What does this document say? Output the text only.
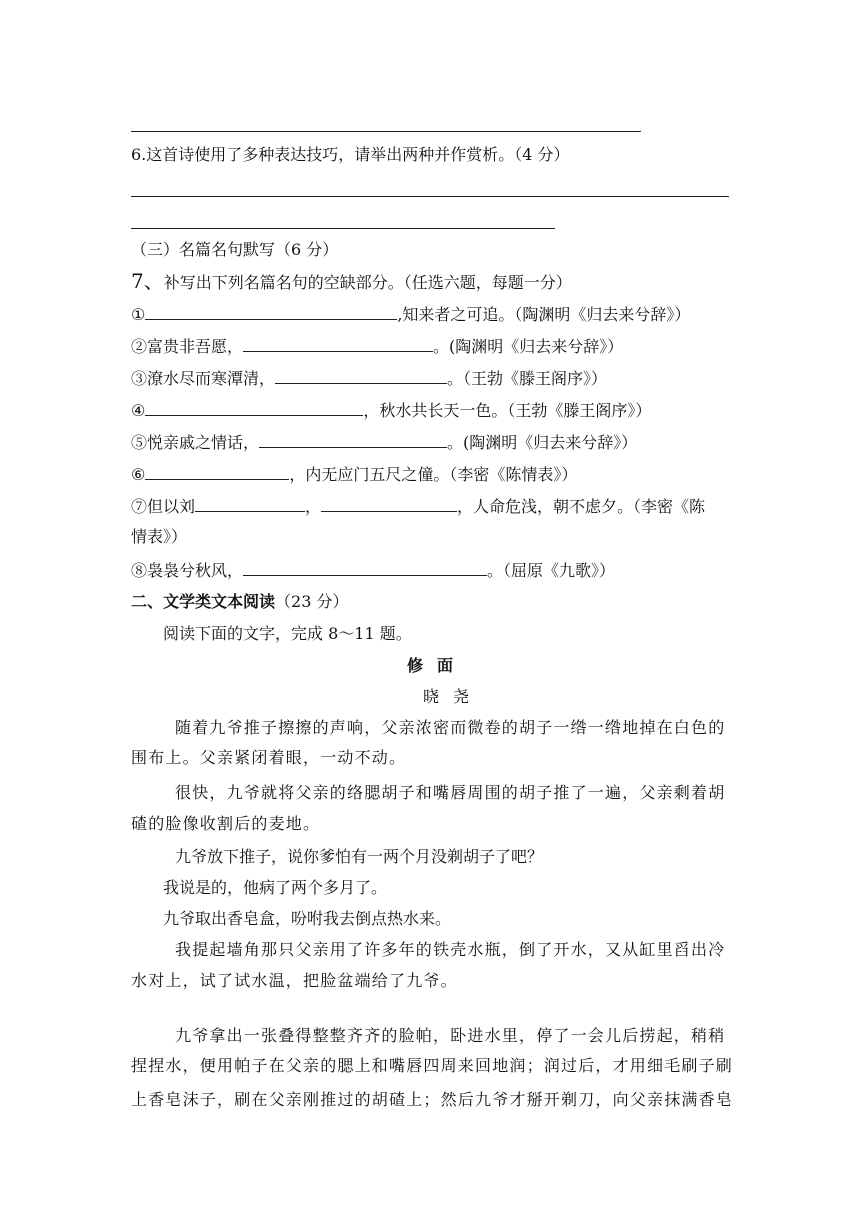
6.这首诗使用了多种表达技巧，请举出两种并作赏析。（4 分）
（三）名篇名句默写（6 分）
7、补写出下列名篇名句的空缺部分。（任选六题，每题一分）
①	,知来者之可追。（陶渊明《归去来兮辞》）
②富贵非吾愿，	。(陶渊明《归去来兮辞》）
③潦水尽而寒潭清，	。（王勃《滕王阁序》）
④	，秋水共长天一色。（王勃《滕王阁序》）
⑤悦亲戚之情话，	。(陶渊明《归去来兮辞》）
⑥	，内无应门五尺之僮。（李密《陈情表》）
⑦但以刘	，	，人命危浅，朝不虑夕。（李密《陈
情表》）
⑧袅袅兮秋风，	。（屈原《九歌》）
二、文学类文本阅读（23 分）
阅读下面的文字，完成 8～11 题。
修面
晓尧
随着九爷推子擦擦的声响，父亲浓密而微卷的胡子一绺一绺地掉在白色的
围布上。父亲紧闭着眼，一动不动。
很快，九爷就将父亲的络腮胡子和嘴唇周围的胡子推了一遍，父亲剩着胡
碴的脸像收割后的麦地。
九爷放下推子，说你爹怕有一两个月没剃胡子了吧？
我说是的，他病了两个多月了。
九爷取出香皂盒，吩咐我去倒点热水来。
我提起墙角那只父亲用了许多年的铁壳水瓶，倒了开水，又从缸里舀出冷
水对上，试了试水温，把脸盆端给了九爷。
九爷拿出一张叠得整整齐齐的脸帕，卧进水里，停了一会儿后捞起，稍稍
捏捏水，便用帕子在父亲的腮上和嘴唇四周来回地润；润过后，才用细毛刷子刷
上香皂沫子，刷在父亲刚推过的胡碴上；然后九爷才掰开剃刀，向父亲抹满香皂
